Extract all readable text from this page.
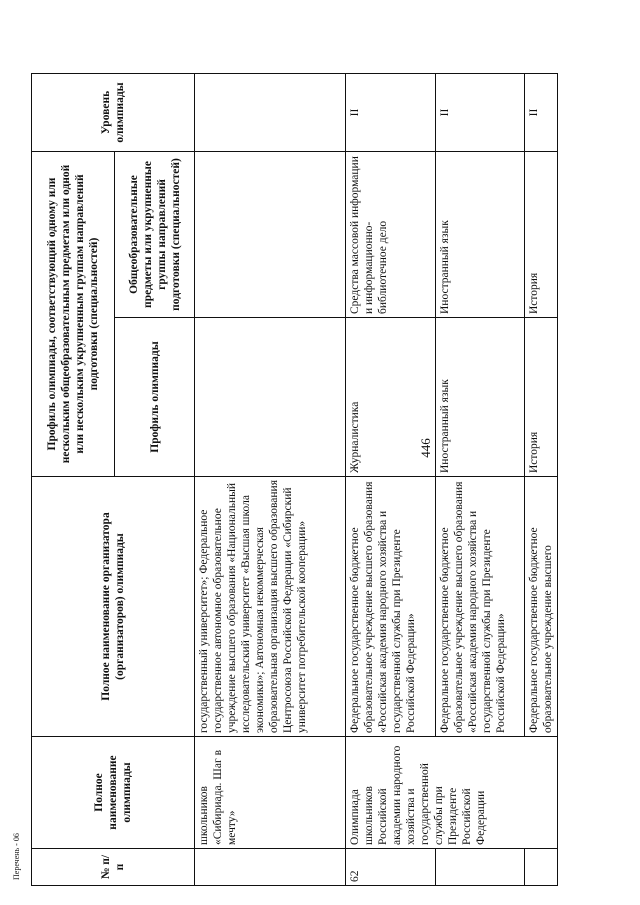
446
№ п/п	Полное наименование олимпиады	Полное наименование организатора (организаторов) олимпиады	Профиль олимпиады, соответствующий одному или нескольким общеобразовательным предметам или одной или нескольким укрупненным группам направлений подготовки (специальностей)		Уровень олимпиады
			Профиль олимпиады	Общеобразовательные предметы или укрупненные группы направлений подготовки (специальностей)	
	школьников «Сибириада. Шаг в мечту»	государственный университет»; Федеральное государственное автономное образовательное учреждение высшего образования «Национальный исследовательский университет «Высшая школа экономики»; Автономная некоммерческая образовательная организация высшего образования Центросоюза Российской Федерации «Сибирский университет потребительской кооперации»			
62	Олимпиада школьников Российской академии народного хозяйства и государственной службы при Президенте Российской Федерации	Федеральное государственное бюджетное образовательное учреждение высшего образования «Российская академия народного хозяйства и государственной службы при Президенте Российской Федерации»	Журналистика	Средства массовой информации и информационно-библиотечное дело	II
		Федеральное государственное бюджетное образовательное учреждение высшего образования «Российская академия народного хозяйства и государственной службы при Президенте Российской Федерации»	Иностранный язык	Иностранный язык	II
		Федеральное государственное бюджетное образовательное учреждение высшего	История	История	II
Перечень - 06
